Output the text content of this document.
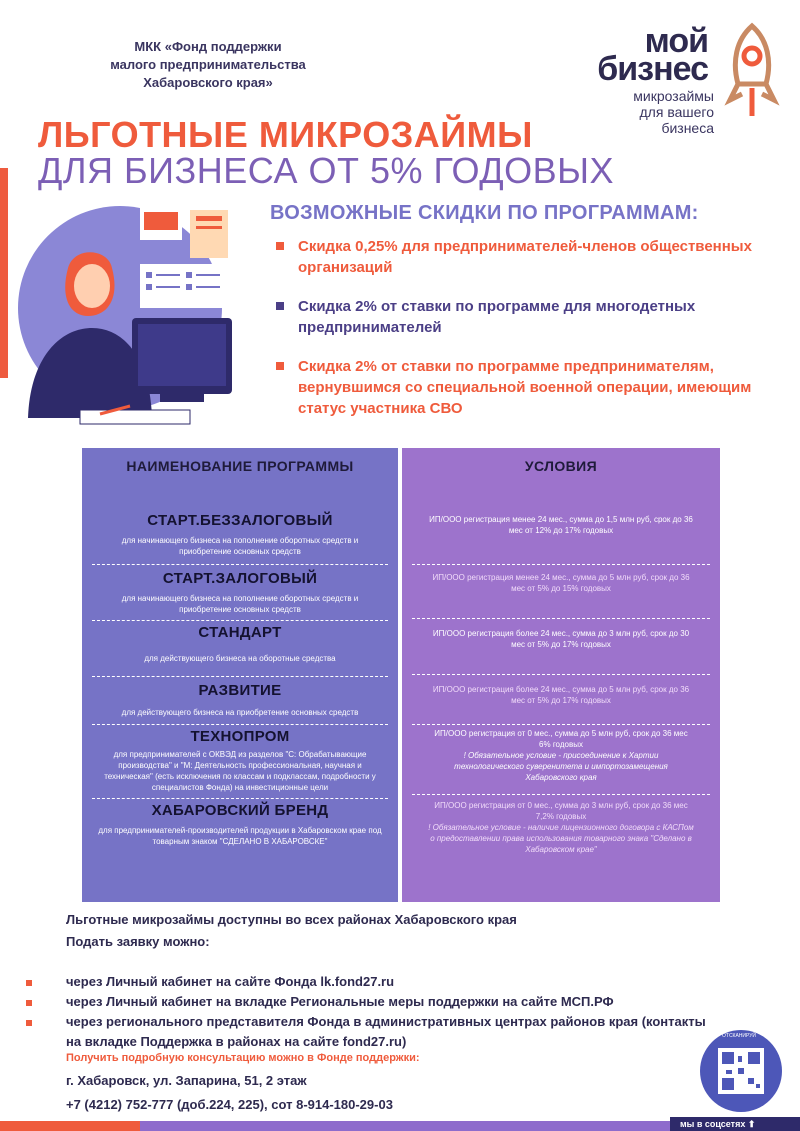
МКК «Фонд поддержки
малого предпринимательства
Хабаровского края»
мой
бизнес
микрозаймы
для вашего бизнеса
ЛЬГОТНЫЕ МИКРОЗАЙМЫ
ДЛЯ БИЗНЕСА ОТ 5% ГОДОВЫХ
ВОЗМОЖНЫЕ СКИДКИ ПО ПРОГРАММАМ:
Скидка 0,25% для предпринимателей-членов общественных организаций
Скидка 2% от ставки по программе для многодетных предпринимателей
Скидка 2% от ставки по программе предпринимателям, вернувшимся со специальной военной операции, имеющим статус участника СВО
НАИМЕНОВАНИЕ ПРОГРАММЫ
СТАРТ.БЕЗЗАЛОГОВЫЙ
для начинающего бизнеса на пополнение оборотных средств и приобретение основных средств
СТАРТ.ЗАЛОГОВЫЙ
для начинающего бизнеса на пополнение оборотных средств и приобретение основных средств
СТАНДАРТ
для действующего бизнеса на оборотные средства
РАЗВИТИЕ
для действующего бизнеса на приобретение основных средств
ТЕХНОПРОМ
для предпринимателей с ОКВЭД из разделов "С: Обрабатывающие производства" и "М: Деятельность профессиональная, научная и техническая" (есть исключения по классам и подклассам, подробности у специалистов Фонда) на инвестиционные цели
ХАБАРОВСКИЙ БРЕНД
для предпринимателей-производителей продукции в Хабаровском крае под товарным знаком "СДЕЛАНО В ХАБАРОВСКЕ"
УСЛОВИЯ
ИП/ООО регистрация менее 24 мес., сумма до 1,5 млн руб, срок до 36 мес от 12% до 17% годовых
ИП/ООО регистрация менее 24 мес., сумма до 5 млн руб, срок до 36 мес от 5% до 15% годовых
ИП/ООО регистрация более 24 мес., сумма до 3 млн руб, срок до 30 мес от 5% до 17% годовых
ИП/ООО регистрация более 24 мес., сумма до 5 млн руб, срок до 36 мес от 5% до 17% годовых
ИП/ООО регистрация от 0 мес., сумма до 5 млн руб, срок до 36 мес 6% годовых
! Обязательное условие - присоединение к Хартии технологического суверенитета и импортозамещения Хабаровского края
ИП/ООО регистрация от 0 мес., сумма до 3 млн руб, срок до 36 мес 7,2% годовых
! Обязательное условие - наличие лицензионного договора с КАСПом о предоставлении права использования товарного знака "Сделано в Хабаровском крае"
Льготные микрозаймы доступны во всех районах Хабаровского края
Подать заявку можно:
через Личный кабинет на сайте Фонда lk.fond27.ru
через Личный кабинет на вкладке Региональные меры поддержки на сайте МСП.РФ
через регионального представителя Фонда в административных центрах районов края (контакты на вкладке Поддержка в районах на сайте fond27.ru)
Получить подробную консультацию можно в Фонде поддержки:
г. Хабаровск, ул. Запарина, 51, 2 этаж
+7 (4212) 752-777 (доб.224, 225), сот 8-914-180-29-03
ОТСКАНИРУЙ
мы в соцсетях ⬆
